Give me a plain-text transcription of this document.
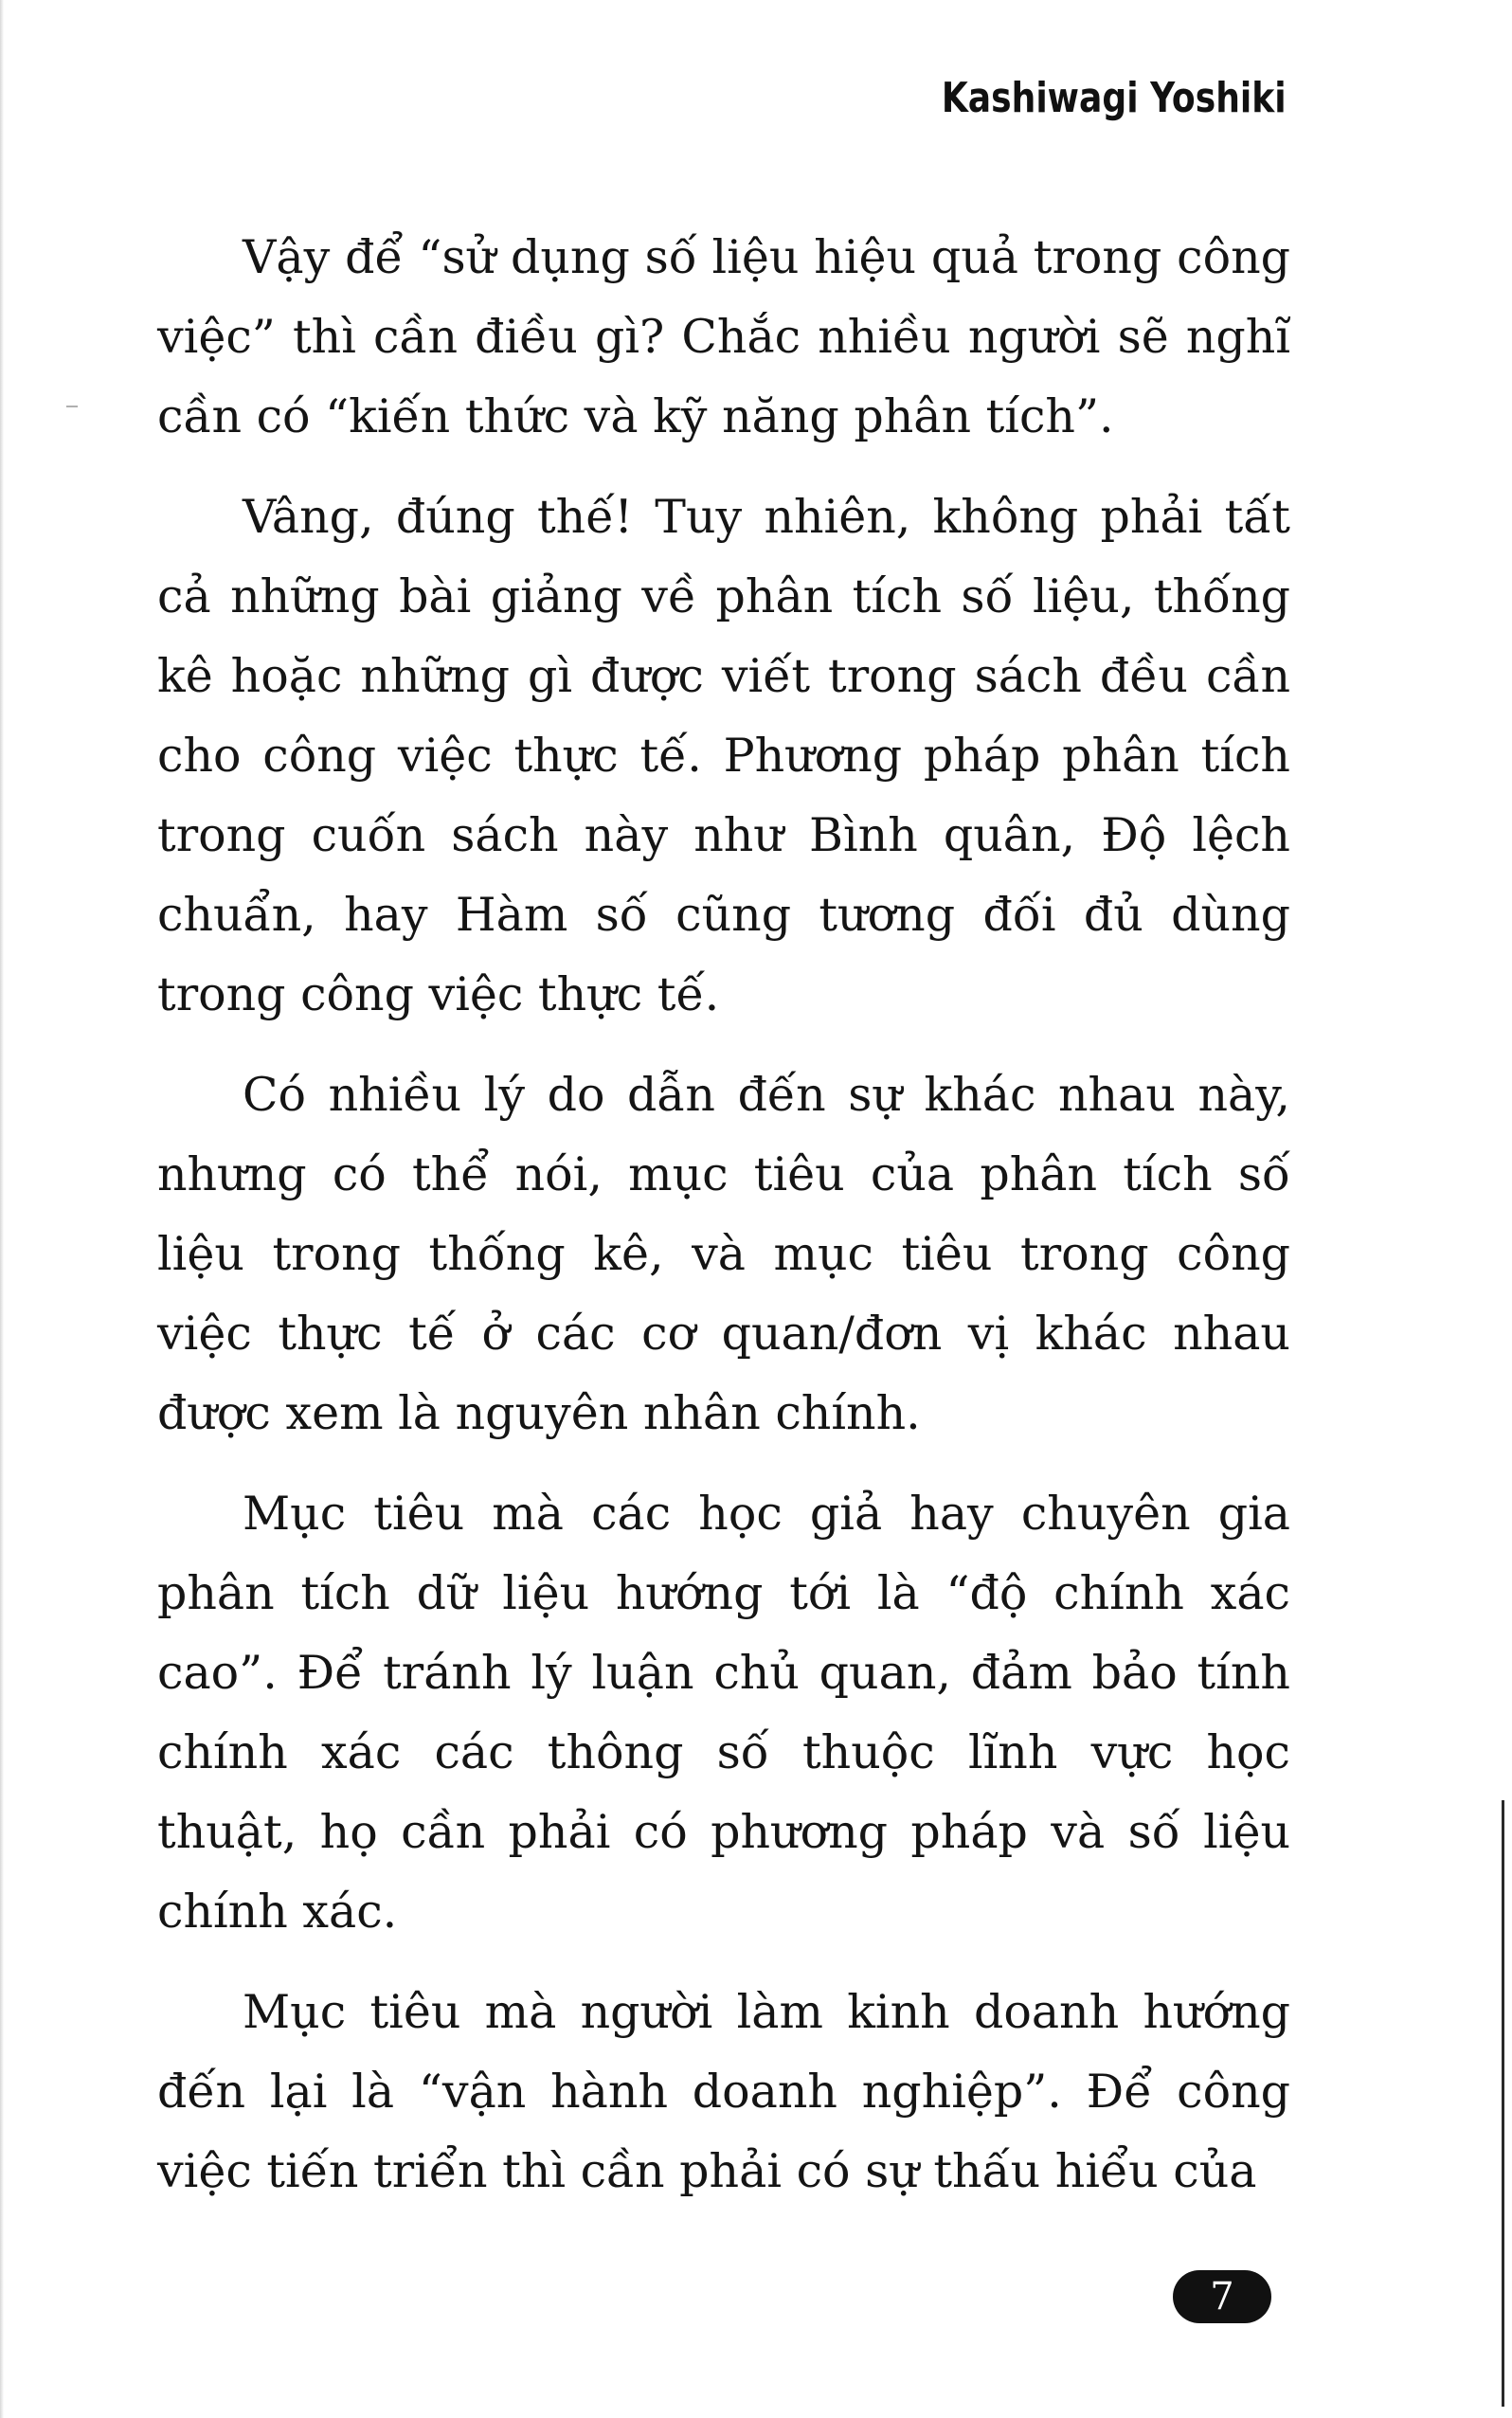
Kashiwagi Yoshiki

Vậy để “sử dụng số liệu hiệu quả trong công việc” thì cần điều gì? Chắc nhiều người sẽ nghĩ cần có “kiến thức và kỹ năng phân tích”.

Vâng, đúng thế! Tuy nhiên, không phải tất cả những bài giảng về phân tích số liệu, thống kê hoặc những gì được viết trong sách đều cần cho công việc thực tế. Phương pháp phân tích trong cuốn sách này như Bình quân, Độ lệch chuẩn, hay Hàm số cũng tương đối đủ dùng trong công việc thực tế.

Có nhiều lý do dẫn đến sự khác nhau này, nhưng có thể nói, mục tiêu của phân tích số liệu trong thống kê, và mục tiêu trong công việc thực tế ở các cơ quan/đơn vị khác nhau được xem là nguyên nhân chính.

Mục tiêu mà các học giả hay chuyên gia phân tích dữ liệu hướng tới là “độ chính xác cao”. Để tránh lý luận chủ quan, đảm bảo tính chính xác các thông số thuộc lĩnh vực học thuật, họ cần phải có phương pháp và số liệu chính xác.

Mục tiêu mà người làm kinh doanh hướng đến lại là “vận hành doanh nghiệp”. Để công việc tiến triển thì cần phải có sự thấu hiểu của

7
